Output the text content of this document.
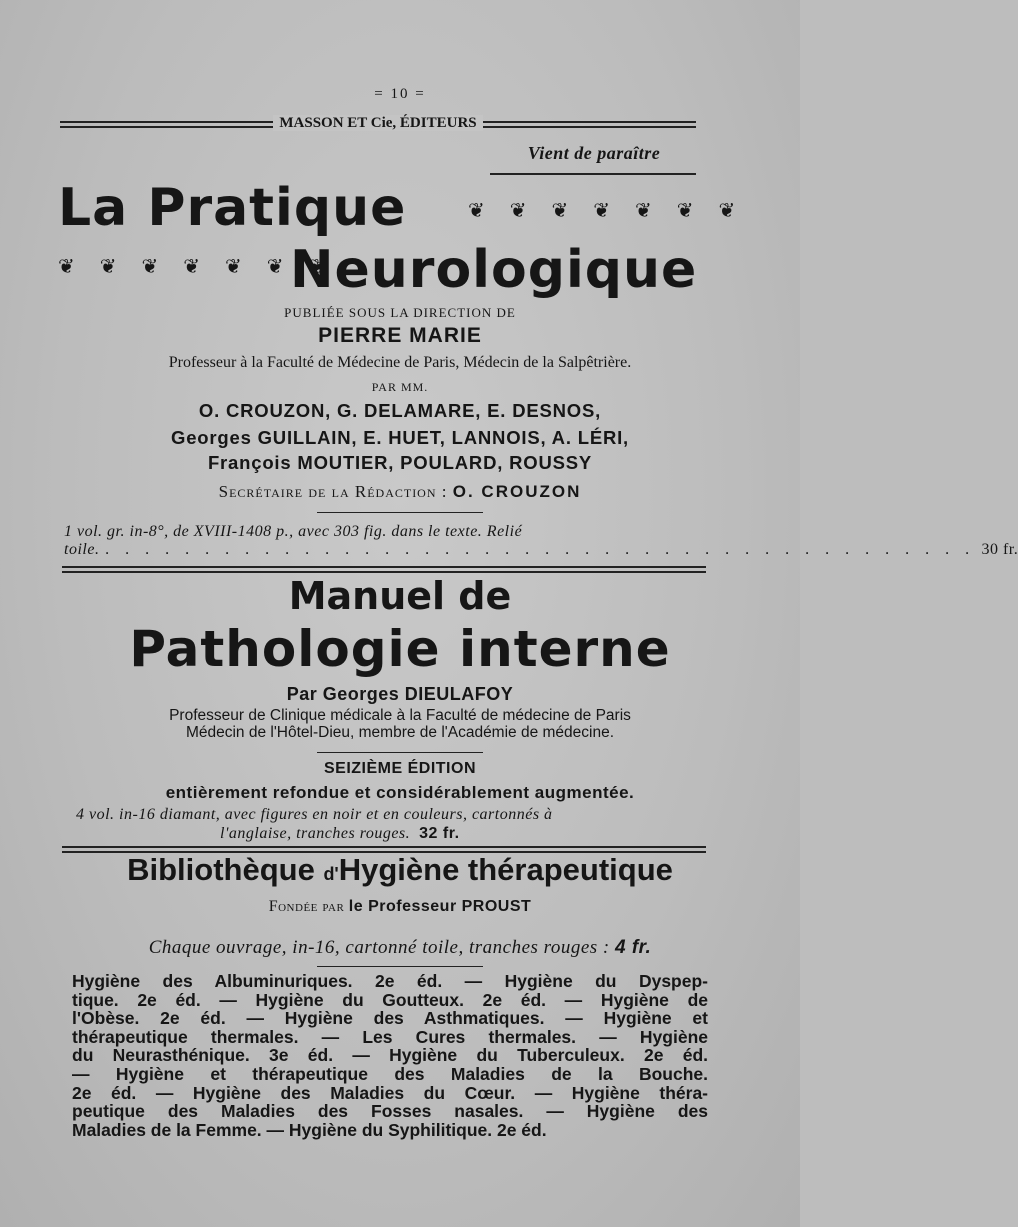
= 10 =
MASSON ET Cie, ÉDITEURS
Vient de paraître
La Pratique	❦ ❦ ❦ ❦ ❦ ❦ ❦
❦ ❦ ❦ ❦ ❦ ❦ ❦
Neurologique
PUBLIÉE SOUS LA DIRECTION DE
PIERRE MARIE
Professeur à la Faculté de Médecine de Paris, Médecin de la Salpêtrière.
PAR MM.
O. CROUZON, G. DELAMARE, E. DESNOS,
Georges GUILLAIN, E. HUET, LANNOIS, A. LÉRI,
François MOUTIER, POULARD, ROUSSY
Secrétaire de la Rédaction : O. CROUZON
1 vol. gr. in-8°, de XVIII-1408 p., avec 303 fig. dans le texte. Relié
toile. . . . . . . . . . . . . . . . . . . . . . . . . . . . . . . . . . . . . . . . . . . . . 30 fr.
Manuel de
Pathologie interne
Par Georges DIEULAFOY
Professeur de Clinique médicale à la Faculté de médecine de Paris
Médecin de l'Hôtel-Dieu, membre de l'Académie de médecine.
SEIZIÈME ÉDITION
entièrement refondue et considérablement augmentée.
4 vol. in-16 diamant, avec figures en noir et en couleurs, cartonnés à
l'anglaise, tranches rouges. 32 fr.
Bibliothèque d'Hygiène thérapeutique
Fondée par le Professeur PROUST
Chaque ouvrage, in-16, cartonné toile, tranches rouges : 4 fr.
Hygiène des Albuminuriques. 2e éd. — Hygiène du Dyspep-
tique. 2e éd. — Hygiène du Goutteux. 2e éd. — Hygiène de
l'Obèse. 2e éd. — Hygiène des Asthmatiques. — Hygiène et
thérapeutique thermales. — Les Cures thermales. — Hygiène
du Neurasthénique. 3e éd. — Hygiène du Tuberculeux. 2e éd.
— Hygiène et thérapeutique des Maladies de la Bouche.
2e éd. — Hygiène des Maladies du Cœur. — Hygiène théra-
peutique des Maladies des Fosses nasales. — Hygiène des
Maladies de la Femme. — Hygiène du Syphilitique. 2e éd.
